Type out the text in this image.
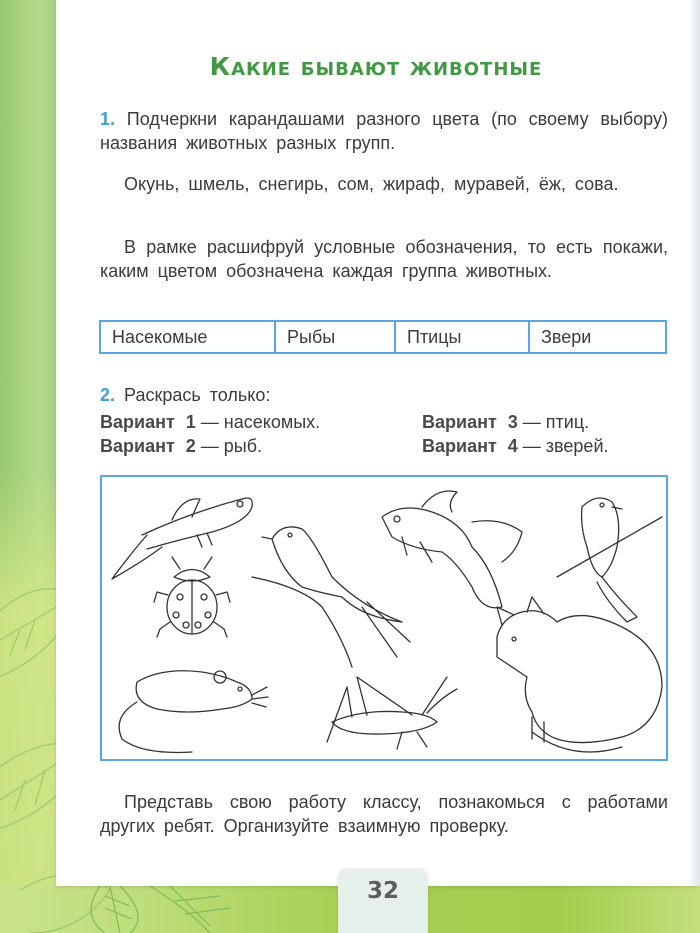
Какие бывают животные
1. Подчеркни карандашами разного цвета (по своему выбору) названия животных разных групп.
Окунь, шмель, снегирь, сом, жираф, муравей, ёж, сова.
В рамке расшифруй условные обозначения, то есть покажи, каким цветом обозначена каждая группа животных.
Насекомые	Рыбы	Птицы	Звери
2. Раскрась только:
Вариант 1 — насекомых.
Вариант 2 — рыб.
Вариант 3 — птиц.
Вариант 4 — зверей.
Представь свою работу классу, познакомься с работами других ребят. Организуйте взаимную проверку.
32
